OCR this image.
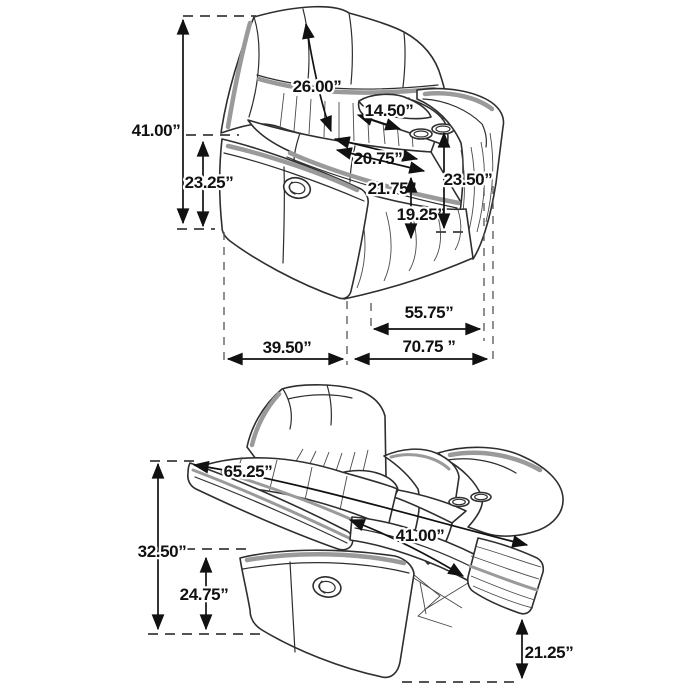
41.00”
23.25”
26.00”
14.50”
20.75”
21.75”
19.25”
23.50”
55.75”
70.75 ”
39.50”
65.25”
32.50”
24.75”
41.00”
21.25”
